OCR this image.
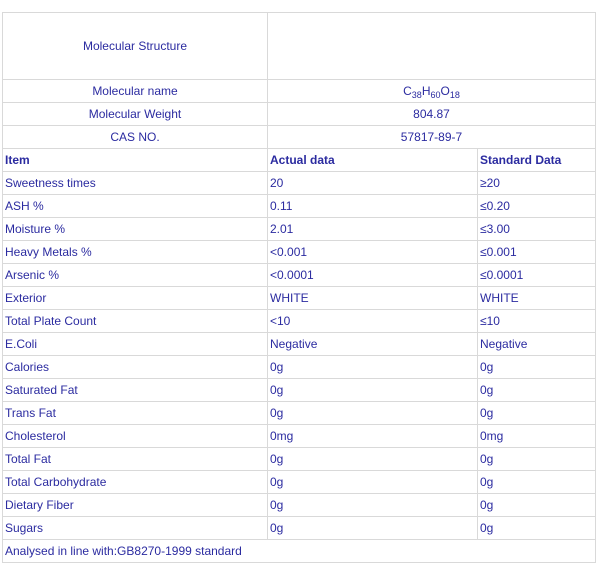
Molecular Structure		
Molecular name	$C_{38}H_{60}O_{18}$
Molecular Weight	804.87	
CAS NO.	57817-89-7	
Item	Actual data	Standard Data
Sweetness times	20	≥20
ASH %	0.11	≤0.20
Moisture %	2.01	≤3.00
Heavy Metals %	<0.001	≤0.001
Arsenic %	<0.0001	≤0.0001
Exterior	WHITE	WHITE
Total Plate Count	<10	≤10
E.Coli	Negative	Negative
Calories	0g	0g
Saturated Fat	0g	0g
Trans Fat	0g	0g
Cholesterol	0mg	0mg
Total Fat	0g	0g
Total Carbohydrate	0g	0g
Dietary Fiber	0g	0g
Sugars	0g	0g
Analysed in line with:GB8270-1999 standard		
